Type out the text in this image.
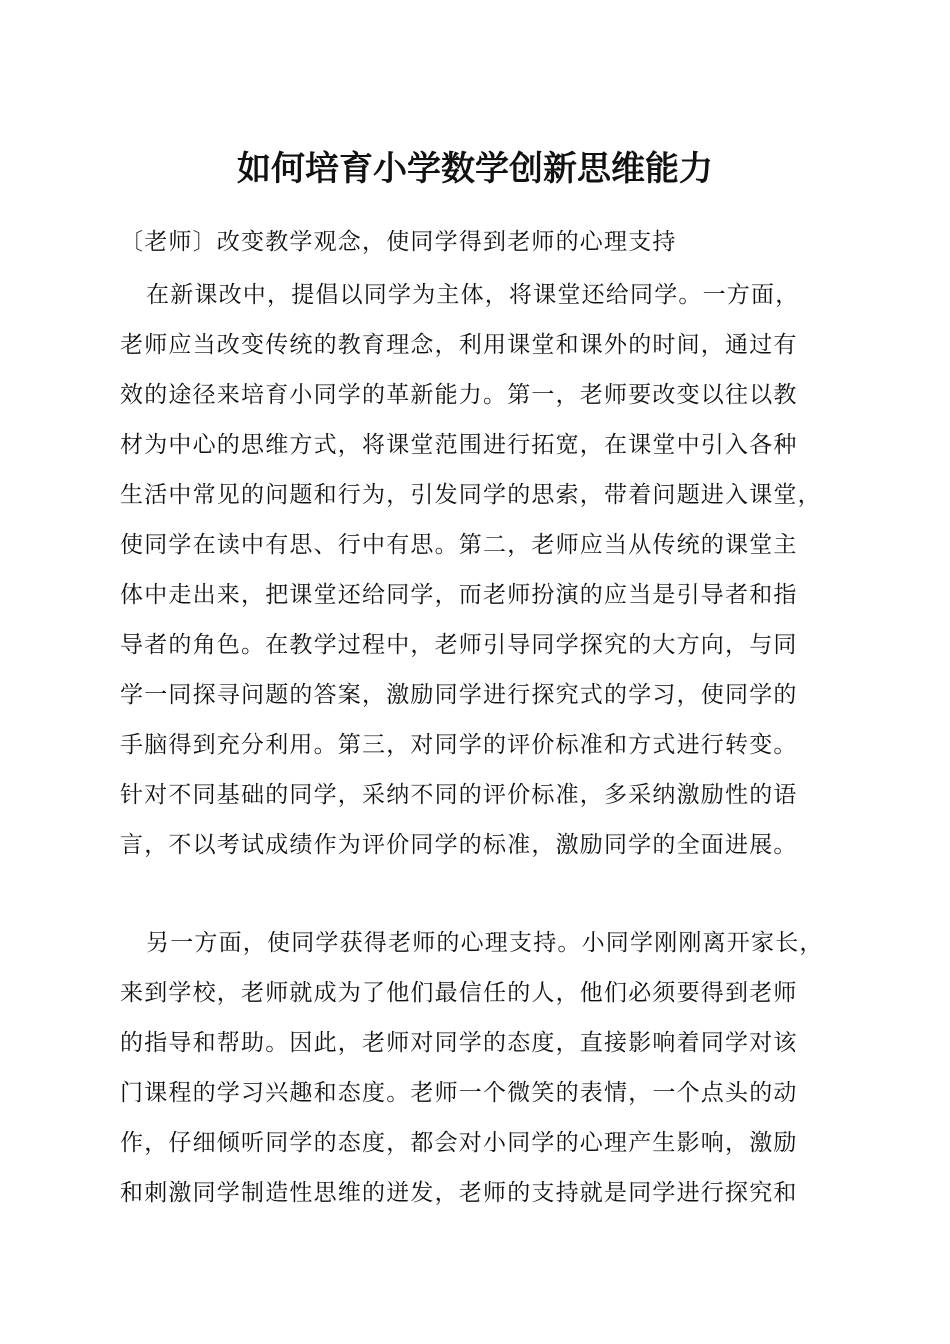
如何培育小学数学创新思维能力
〔老师〕改变教学观念，使同学得到老师的心理支持
在新课改中，提倡以同学为主体，将课堂还给同学。一方面，
老师应当改变传统的教育理念，利用课堂和课外的时间，通过有
效的途径来培育小同学的革新能力。第一，老师要改变以往以教
材为中心的思维方式，将课堂范围进行拓宽，在课堂中引入各种
生活中常见的问题和行为，引发同学的思索，带着问题进入课堂，
使同学在读中有思、行中有思。第二，老师应当从传统的课堂主
体中走出来，把课堂还给同学，而老师扮演的应当是引导者和指
导者的角色。在教学过程中，老师引导同学探究的大方向，与同
学一同探寻问题的答案，激励同学进行探究式的学习，使同学的
手脑得到充分利用。第三，对同学的评价标准和方式进行转变。
针对不同基础的同学，采纳不同的评价标准，多采纳激励性的语
言，不以考试成绩作为评价同学的标准，激励同学的全面进展。
另一方面，使同学获得老师的心理支持。小同学刚刚离开家长，
来到学校，老师就成为了他们最信任的人，他们必须要得到老师
的指导和帮助。因此，老师对同学的态度，直接影响着同学对该
门课程的学习兴趣和态度。老师一个微笑的表情，一个点头的动
作，仔细倾听同学的态度，都会对小同学的心理产生影响，激励
和刺激同学制造性思维的迸发，老师的支持就是同学进行探究和
